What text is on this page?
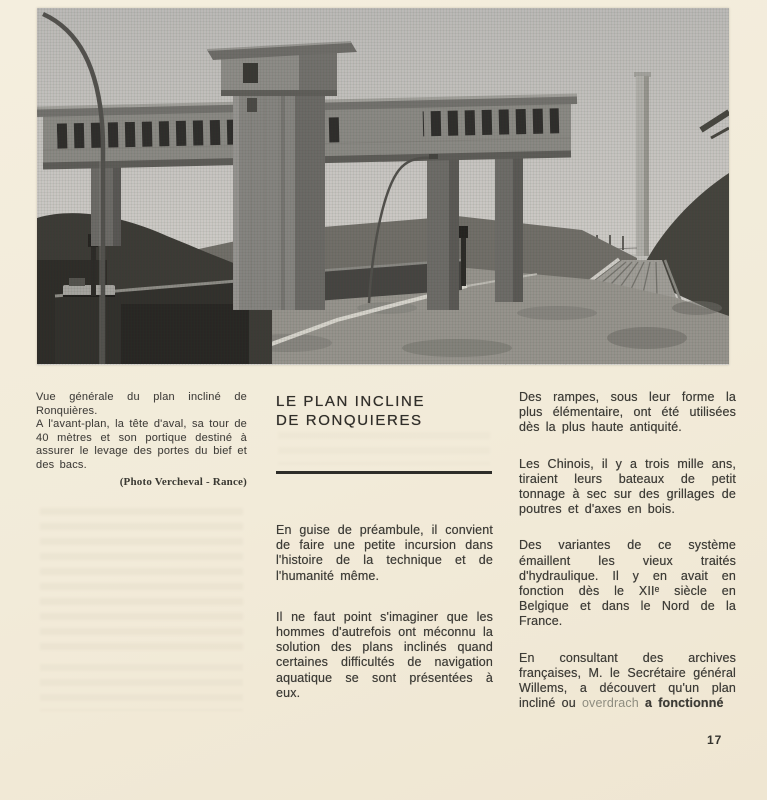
Vue générale du plan incliné de Ronquières.

A l'avant-plan, la tête d'aval, sa tour de 40 mètres et son portique destiné à assurer le levage des portes du bief et des bacs.

(Photo Vercheval - Rance)
LE PLAN INCLINE
DE RONQUIERES

En guise de préambule, il convient de faire une petite incursion dans l'histoire de la technique et de l'humanité même.

Il ne faut point s'imaginer que les hommes d'autrefois ont méconnu la solution des plans inclinés quand certaines difficultés de navigation aquatique se sont présentées à eux.

Des rampes, sous leur forme la plus élémentaire, ont été utilisées dès la plus haute antiquité.

Les Chinois, il y a trois mille ans, tiraient leurs bateaux de petit tonnage à sec sur des grillages de poutres et d'axes en bois.

Des variantes de ce système émaillent les vieux traités d'hydraulique. Il y en avait en fonction dès le XIIᵉ siècle en Belgique et dans le Nord de la France.

En consultant des archives françaises, M. le Secrétaire général Willems, a découvert qu'un plan incliné ou overdrach a fonctionné

17
